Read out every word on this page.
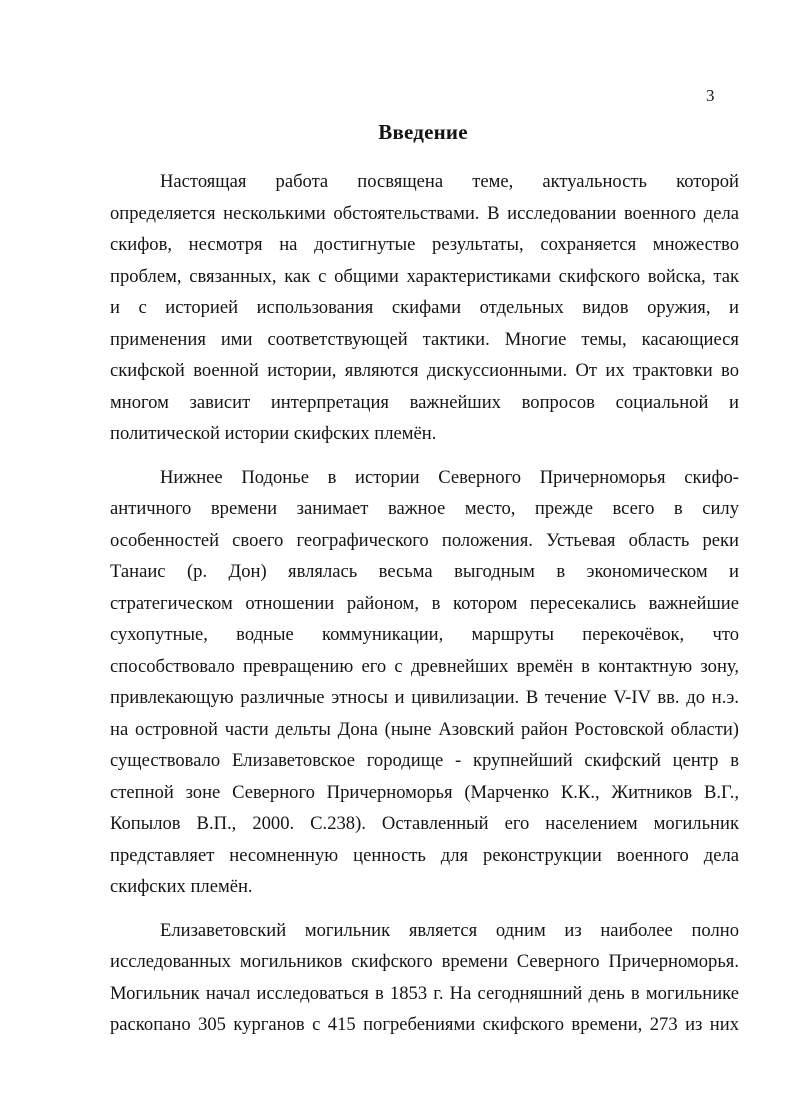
3
Введение

Настоящая работа посвящена теме, актуальность которой
определяется несколькими обстоятельствами. В исследовании военного дела
скифов, несмотря на достигнутые результаты, сохраняется множество
проблем, связанных, как с общими характеристиками скифского войска, так
и с историей использования скифами отдельных видов оружия, и
применения ими соответствующей тактики. Многие темы, касающиеся
скифской военной истории, являются дискуссионными. От их трактовки во
многом зависит интерпретация важнейших вопросов социальной и
политической истории скифских племён.

Нижнее Подонье в истории Северного Причерноморья скифо-
античного времени занимает важное место, прежде всего в силу
особенностей своего географического положения. Устьевая область реки
Танаис (р. Дон) являлась весьма выгодным в экономическом и
стратегическом отношении районом, в котором пересекались важнейшие
сухопутные, водные коммуникации, маршруты перекочёвок, что
способствовало превращению его с древнейших времён в контактную зону,
привлекающую различные этносы и цивилизации. В течение V-IV вв. до н.э.
на островной части дельты Дона (ныне Азовский район Ростовской области)
существовало Елизаветовское городище - крупнейший скифский центр в
степной зоне Северного Причерноморья (Марченко К.К., Житников В.Г.,
Копылов В.П., 2000. С.238). Оставленный его населением могильник
представляет несомненную ценность для реконструкции военного дела
скифских племён.

Елизаветовский могильник является одним из наиболее полно
исследованных могильников скифского времени Северного Причерноморья.
Могильник начал исследоваться в 1853 г. На сегодняшний день в могильнике
раскопано 305 курганов с 415 погребениями скифского времени, 273 из них
